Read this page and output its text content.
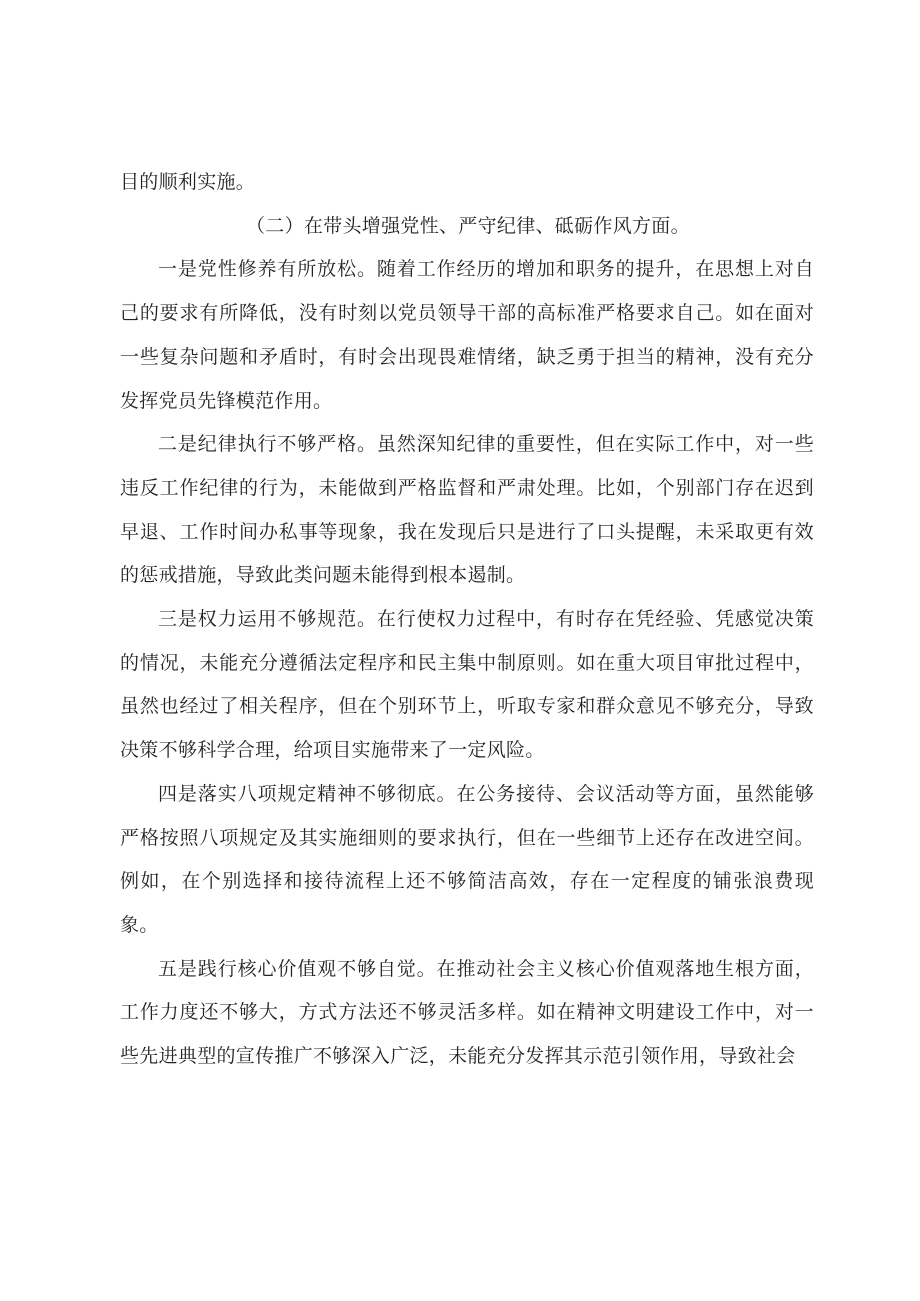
目的顺利实施。

（二）在带头增强党性、严守纪律、砥砺作风方面。

一是党性修养有所放松。随着工作经历的增加和职务的提升，在思想上对自己的要求有所降低，没有时刻以党员领导干部的高标准严格要求自己。如在面对一些复杂问题和矛盾时，有时会出现畏难情绪，缺乏勇于担当的精神，没有充分发挥党员先锋模范作用。

二是纪律执行不够严格。虽然深知纪律的重要性，但在实际工作中，对一些违反工作纪律的行为，未能做到严格监督和严肃处理。比如，个别部门存在迟到早退、工作时间办私事等现象，我在发现后只是进行了口头提醒，未采取更有效的惩戒措施，导致此类问题未能得到根本遏制。

三是权力运用不够规范。在行使权力过程中，有时存在凭经验、凭感觉决策的情况，未能充分遵循法定程序和民主集中制原则。如在重大项目审批过程中，虽然也经过了相关程序，但在个别环节上，听取专家和群众意见不够充分，导致决策不够科学合理，给项目实施带来了一定风险。

四是落实八项规定精神不够彻底。在公务接待、会议活动等方面，虽然能够严格按照八项规定及其实施细则的要求执行，但在一些细节上还存在改进空间。例如，在个别选择和接待流程上还不够简洁高效，存在一定程度的铺张浪费现象。

五是践行核心价值观不够自觉。在推动社会主义核心价值观落地生根方面，工作力度还不够大，方式方法还不够灵活多样。如在精神文明建设工作中，对一些先进典型的宣传推广不够深入广泛，未能充分发挥其示范引领作用，导致社会
